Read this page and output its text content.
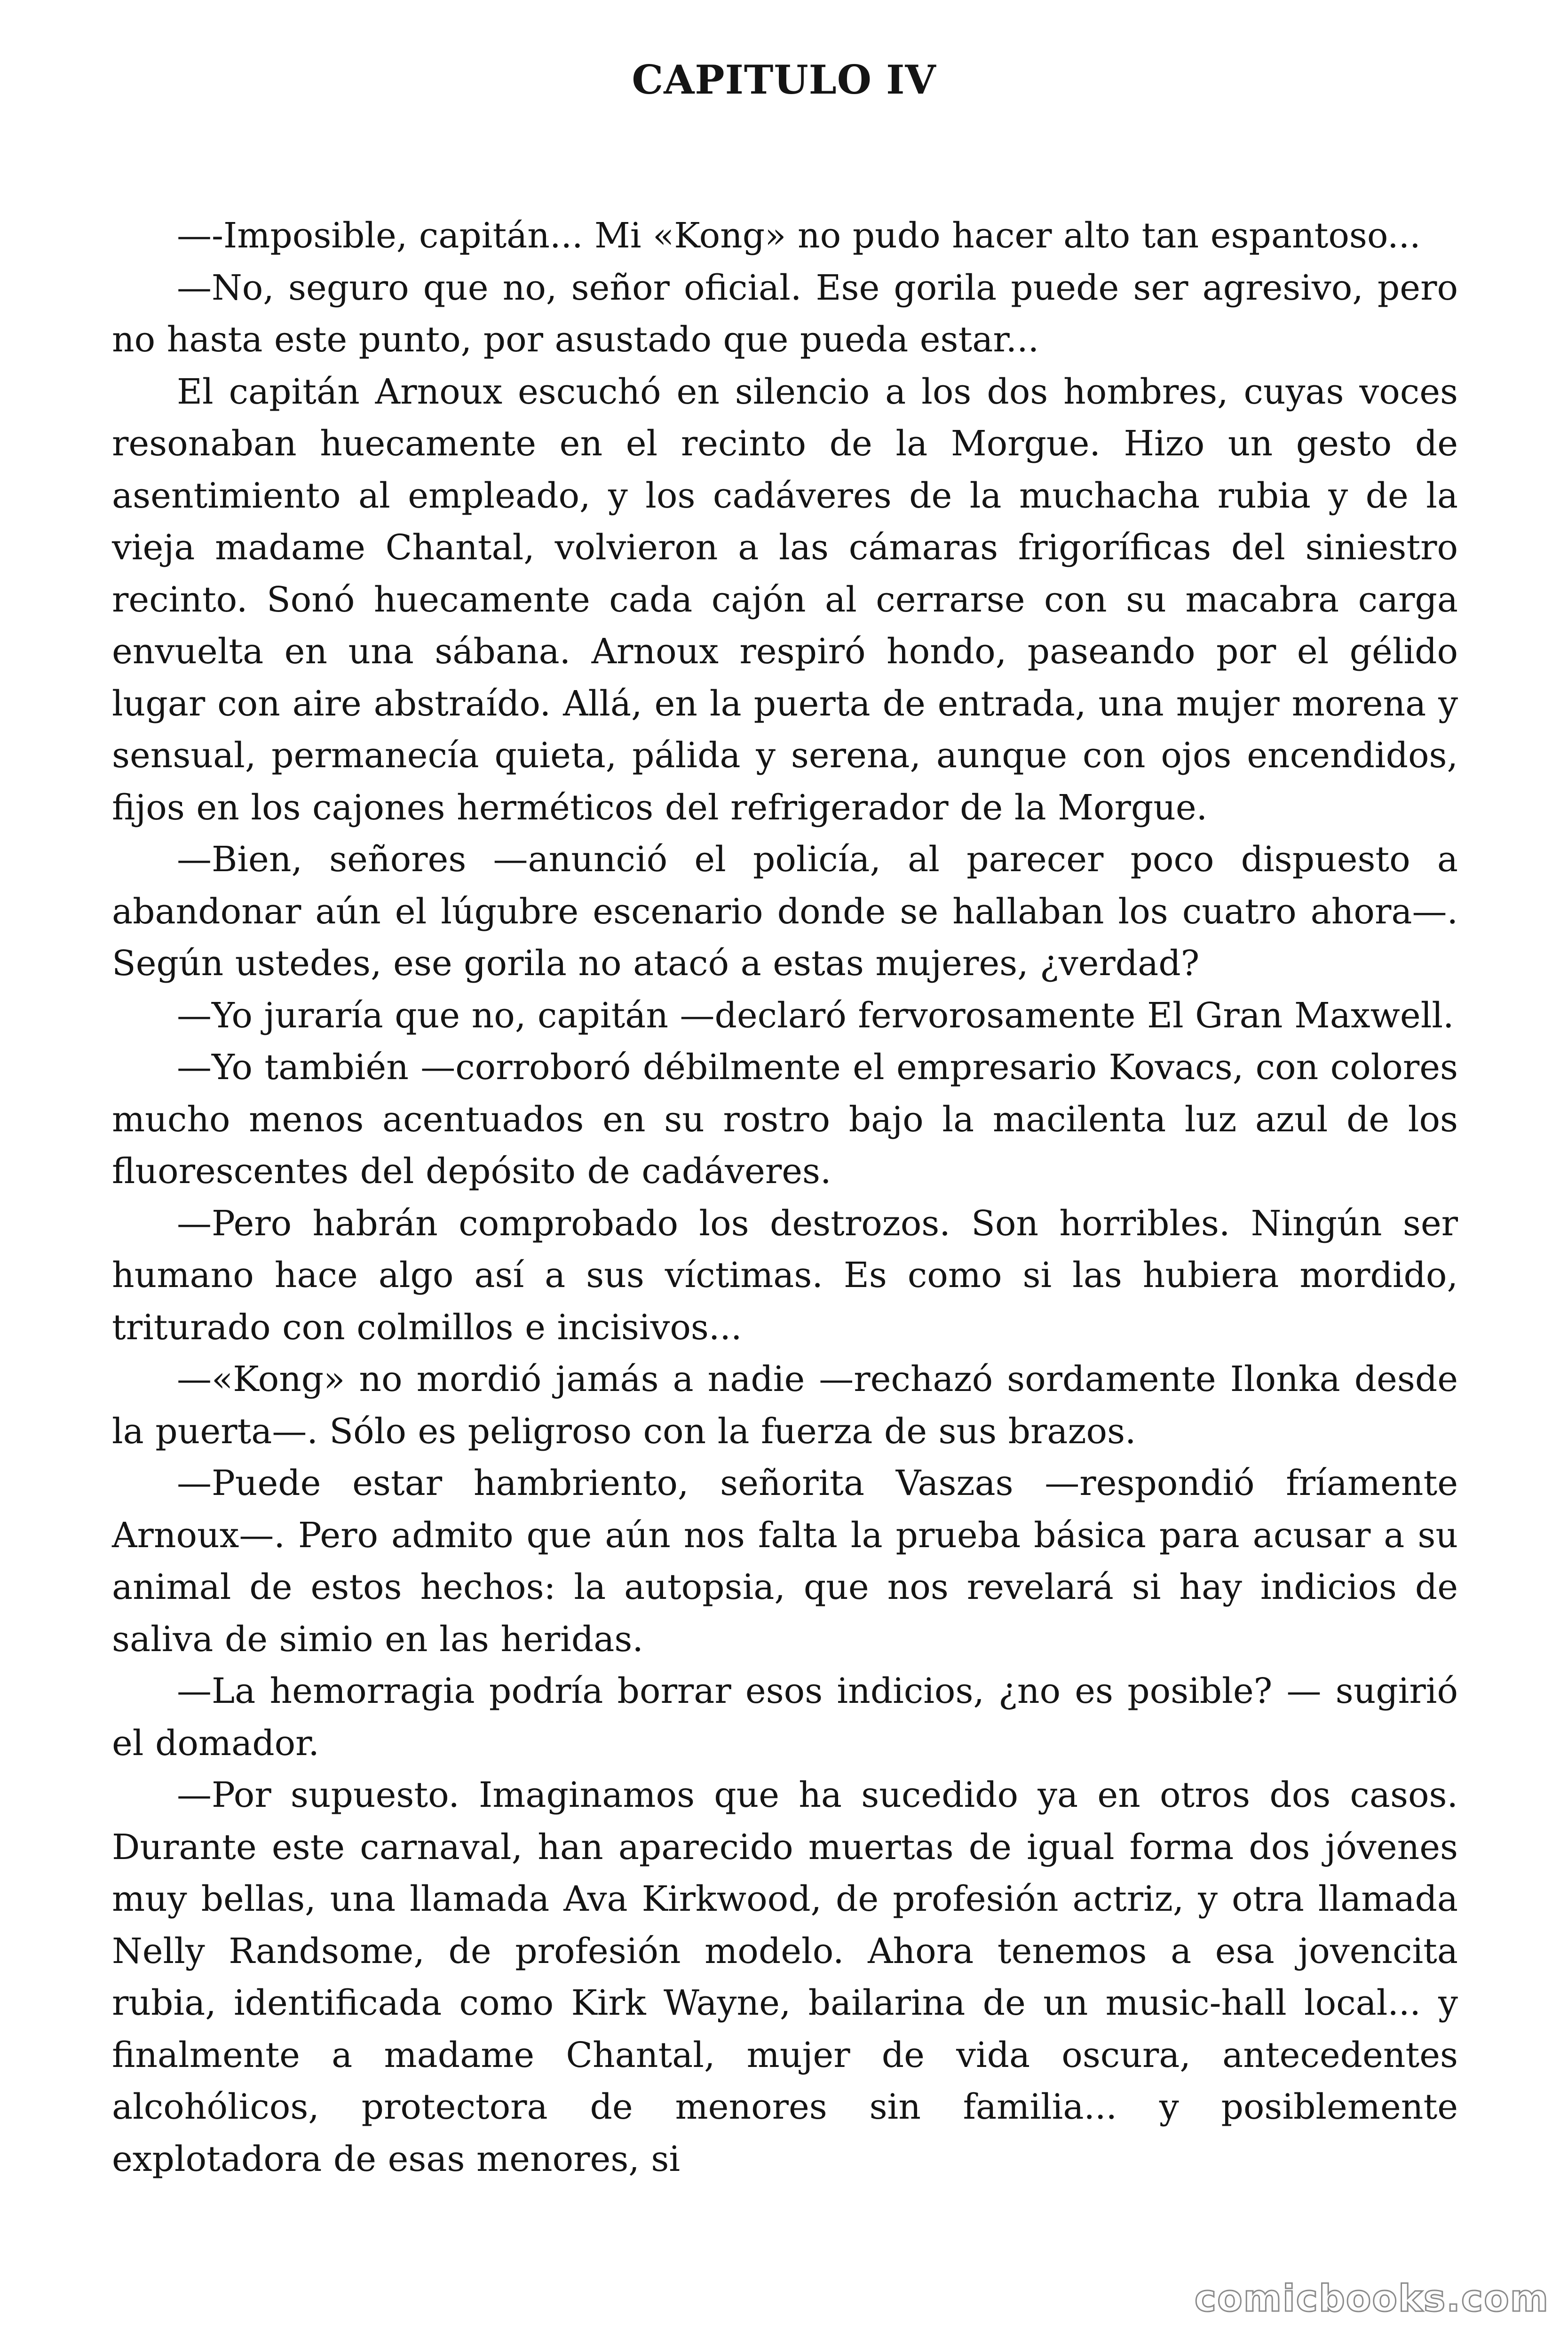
CAPITULO IV

—-Imposible, capitán... Mi «Kong» no pudo hacer alto tan espantoso...

—No, seguro que no, señor oficial. Ese gorila puede ser agresivo, pero no hasta este punto, por asustado que pueda estar...

El capitán Arnoux escuchó en silencio a los dos hombres, cuyas voces resonaban huecamente en el recinto de la Morgue. Hizo un gesto de asentimiento al empleado, y los cadáveres de la muchacha rubia y de la vieja madame Chantal, volvieron a las cámaras frigoríficas del siniestro recinto. Sonó huecamente cada cajón al cerrarse con su macabra carga envuelta en una sábana. Arnoux respiró hondo, paseando por el gélido lugar con aire abstraído. Allá, en la puerta de entrada, una mujer morena y sensual, permanecía quieta, pálida y serena, aunque con ojos encendidos, fijos en los cajones herméticos del refrigerador de la Morgue.

—Bien, señores —anunció el policía, al parecer poco dispuesto a abandonar aún el lúgubre escenario donde se hallaban los cuatro ahora—. Según ustedes, ese gorila no atacó a estas mujeres, ¿verdad?

—Yo juraría que no, capitán —declaró fervorosamente El Gran Maxwell.

—Yo también —corroboró débilmente el empresario Kovacs, con colores mucho menos acentuados en su rostro bajo la macilenta luz azul de los fluorescentes del depósito de cadáveres.

—Pero habrán comprobado los destrozos. Son horribles. Ningún ser humano hace algo así a sus víctimas. Es como si las hubiera mordido, triturado con colmillos e incisivos...

—«Kong» no mordió jamás a nadie —rechazó sordamente Ilonka desde la puerta—. Sólo es peligroso con la fuerza de sus brazos.

—Puede estar hambriento, señorita Vaszas —respondió fríamente Arnoux—. Pero admito que aún nos falta la prueba básica para acusar a su animal de estos hechos: la autopsia, que nos revelará si hay indicios de saliva de simio en las heridas.

—La hemorragia podría borrar esos indicios, ¿no es posible? — sugirió el domador.

—Por supuesto. Imaginamos que ha sucedido ya en otros dos casos. Durante este carnaval, han aparecido muertas de igual forma dos jóvenes muy bellas, una llamada Ava Kirkwood, de profesión actriz, y otra llamada Nelly Randsome, de profesión modelo. Ahora tenemos a esa jovencita rubia, identificada como Kirk Wayne, bailarina de un music-hall local... y finalmente a madame Chantal, mujer de vida oscura, antecedentes alcohólicos, protectora de menores sin familia... y posiblemente explotadora de esas menores, si

comicbooks.com
